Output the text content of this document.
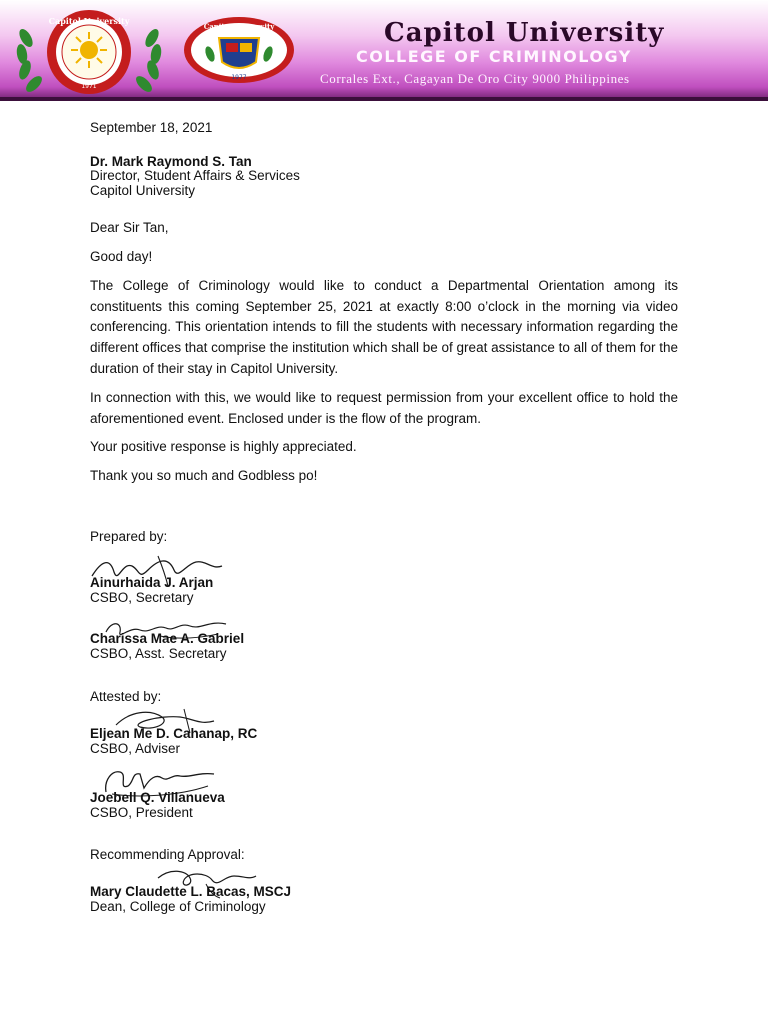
Capitol University
1971
Capitol University
1977
Capitol University
COLLEGE OF CRIMINOLOGY
Corrales Ext., Cagayan De Oro City 9000 Philippines

September 18, 2021

Dr. Mark Raymond S. Tan
Director, Student Affairs & Services
Capitol University

Dear Sir Tan,

Good day!

The College of Criminology would like to conduct a Departmental Orientation among its constituents this coming September 25, 2021 at exactly 8:00 o’clock in the morning via video conferencing. This orientation intends to fill the students with necessary information regarding the different offices that comprise the institution which shall be of great assistance to all of them for the duration of their stay in Capitol University.

In connection with this, we would like to request permission from your excellent office to hold the aforementioned event. Enclosed under is the flow of the program.

Your positive response is highly appreciated.

Thank you so much and Godbless po!

Prepared by:
Ainurhaida J. Arjan
CSBO, Secretary
Charissa Mae A. Gabriel
CSBO, Asst. Secretary
Attested by:
Eljean Me D. Cahanap, RC
CSBO, Adviser
Joebell Q. Villanueva
CSBO, President
Recommending Approval:
Mary Claudette L. Bacas, MSCJ
Dean, College of Criminology
